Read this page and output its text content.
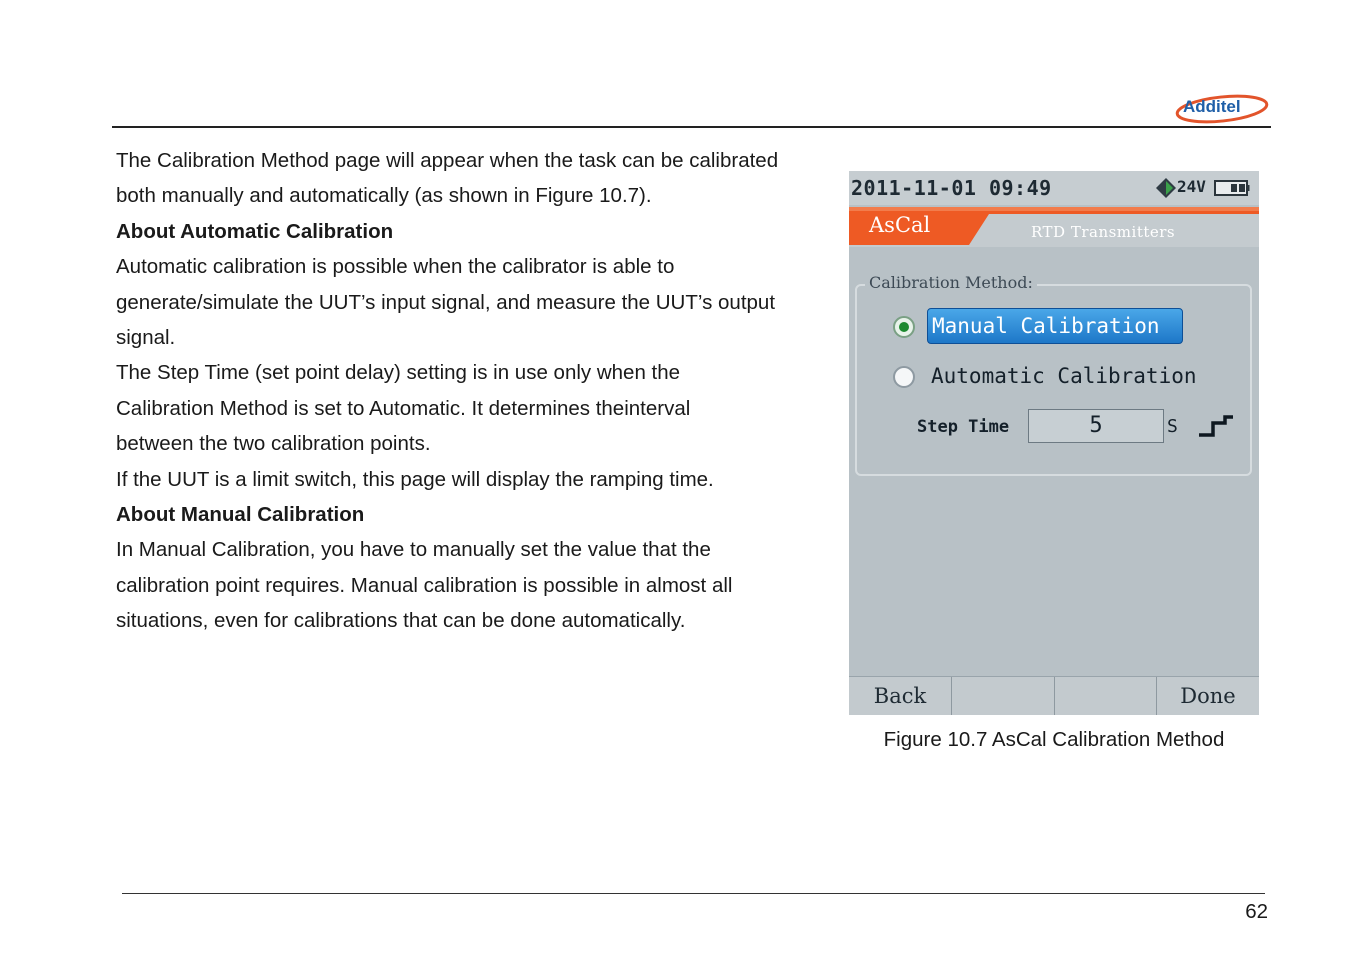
Additel

The Calibration Method page will appear when the task can be calibrated

both manually and automatically (as shown in Figure 10.7).

About Automatic Calibration

Automatic calibration is possible when the calibrator is able to

generate/simulate the UUT’s input signal, and measure the UUT’s output

signal.

The Step Time (set point delay) setting is in use only when the

Calibration Method is set to Automatic. It determines theinterval

between the two calibration points.

If the UUT is a limit switch, this page will display the ramping time.

About Manual Calibration

In Manual Calibration, you have to manually set the value that the

calibration point requires. Manual calibration is possible in almost all

situations, even for calibrations that can be done automatically.

2011-11-01 09:49	24V
AsCal	RTD Transmitters
Calibration Method:
Manual Calibration
Automatic Calibration
Step Time	5	S
Back	Done
Figure 10.7 AsCal Calibration Method
62
